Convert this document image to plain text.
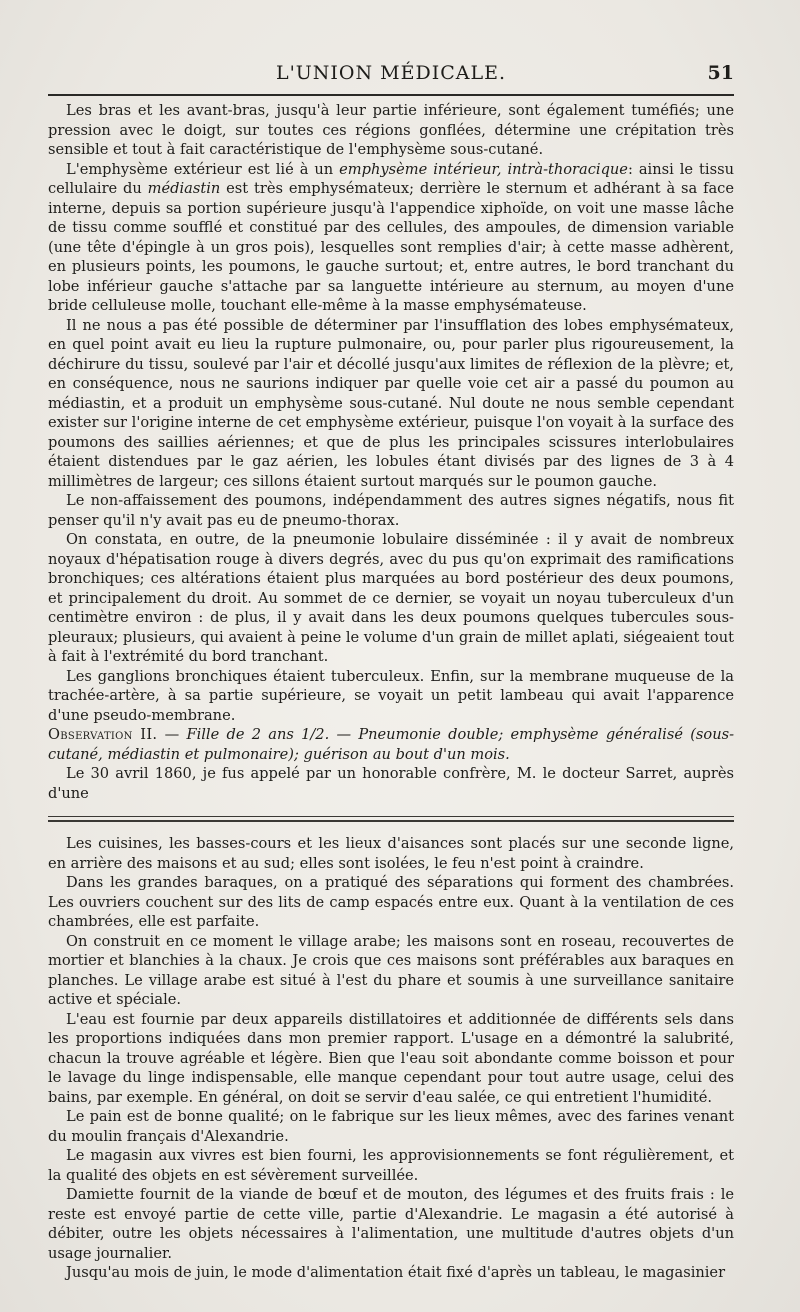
L'UNION MÉDICALE.	51

Les bras et les avant-bras, jusqu'à leur partie inférieure, sont également tuméfiés; une pression avec le doigt, sur toutes ces régions gonflées, détermine une crépitation très sensible et tout à fait caractéristique de l'emphysème sous-cutané.

L'emphysème extérieur est lié à un emphysème intérieur, intrà-thoracique: ainsi le tissu cellulaire du médiastin est très emphysémateux; derrière le sternum et adhérant à sa face interne, depuis sa portion supérieure jusqu'à l'appendice xiphoïde, on voit une masse lâche de tissu comme soufflé et constitué par des cellules, des ampoules, de dimension variable (une tête d'épingle à un gros pois), lesquelles sont remplies d'air; à cette masse adhèrent, en plusieurs points, les poumons, le gauche surtout; et, entre autres, le bord tranchant du lobe inférieur gauche s'attache par sa languette intérieure au sternum, au moyen d'une bride celluleuse molle, touchant elle-même à la masse emphysémateuse.

Il ne nous a pas été possible de déterminer par l'insufflation des lobes emphysémateux, en quel point avait eu lieu la rupture pulmonaire, ou, pour parler plus rigoureusement, la déchirure du tissu, soulevé par l'air et décollé jusqu'aux limites de réflexion de la plèvre; et, en conséquence, nous ne saurions indiquer par quelle voie cet air a passé du poumon au médiastin, et a produit un emphysème sous-cutané. Nul doute ne nous semble cependant exister sur l'origine interne de cet emphysème extérieur, puisque l'on voyait à la surface des poumons des saillies aériennes; et que de plus les principales scissures interlobulaires étaient distendues par le gaz aérien, les lobules étant divisés par des lignes de 3 à 4 millimètres de largeur; ces sillons étaient surtout marqués sur le poumon gauche.

Le non-affaissement des poumons, indépendamment des autres signes négatifs, nous fit penser qu'il n'y avait pas eu de pneumo-thorax.

On constata, en outre, de la pneumonie lobulaire disséminée : il y avait de nombreux noyaux d'hépatisation rouge à divers degrés, avec du pus qu'on exprimait des ramifications bronchiques; ces altérations étaient plus marquées au bord postérieur des deux poumons, et principalement du droit. Au sommet de ce dernier, se voyait un noyau tuberculeux d'un centimètre environ : de plus, il y avait dans les deux poumons quelques tubercules sous-pleuraux; plusieurs, qui avaient à peine le volume d'un grain de millet aplati, siégeaient tout à fait à l'extrémité du bord tranchant.

Les ganglions bronchiques étaient tuberculeux. Enfin, sur la membrane muqueuse de la trachée-artère, à sa partie supérieure, se voyait un petit lambeau qui avait l'apparence d'une pseudo-membrane.

Observation II. — Fille de 2 ans 1/2. — Pneumonie double; emphysème généralisé (sous-cutané, médiastin et pulmonaire); guérison au bout d'un mois.

Le 30 avril 1860, je fus appelé par un honorable confrère, M. le docteur Sarret, auprès d'une

Les cuisines, les basses-cours et les lieux d'aisances sont placés sur une seconde ligne, en arrière des maisons et au sud; elles sont isolées, le feu n'est point à craindre.

Dans les grandes baraques, on a pratiqué des séparations qui forment des chambrées. Les ouvriers couchent sur des lits de camp espacés entre eux. Quant à la ventilation de ces chambrées, elle est parfaite.

On construit en ce moment le village arabe; les maisons sont en roseau, recouvertes de mortier et blanchies à la chaux. Je crois que ces maisons sont préférables aux baraques en planches. Le village arabe est situé à l'est du phare et soumis à une surveillance sanitaire active et spéciale.

L'eau est fournie par deux appareils distillatoires et additionnée de différents sels dans les proportions indiquées dans mon premier rapport. L'usage en a démontré la salubrité, chacun la trouve agréable et légère. Bien que l'eau soit abondante comme boisson et pour le lavage du linge indispensable, elle manque cependant pour tout autre usage, celui des bains, par exemple. En général, on doit se servir d'eau salée, ce qui entretient l'humidité.

Le pain est de bonne qualité; on le fabrique sur les lieux mêmes, avec des farines venant du moulin français d'Alexandrie.

Le magasin aux vivres est bien fourni, les approvisionnements se font régulièrement, et la qualité des objets en est sévèrement surveillée.

Damiette fournit de la viande de bœuf et de mouton, des légumes et des fruits frais : le reste est envoyé partie de cette ville, partie d'Alexandrie. Le magasin a été autorisé à débiter, outre les objets nécessaires à l'alimentation, une multitude d'autres objets d'un usage journalier.

Jusqu'au mois de juin, le mode d'alimentation était fixé d'après un tableau, le magasinier
